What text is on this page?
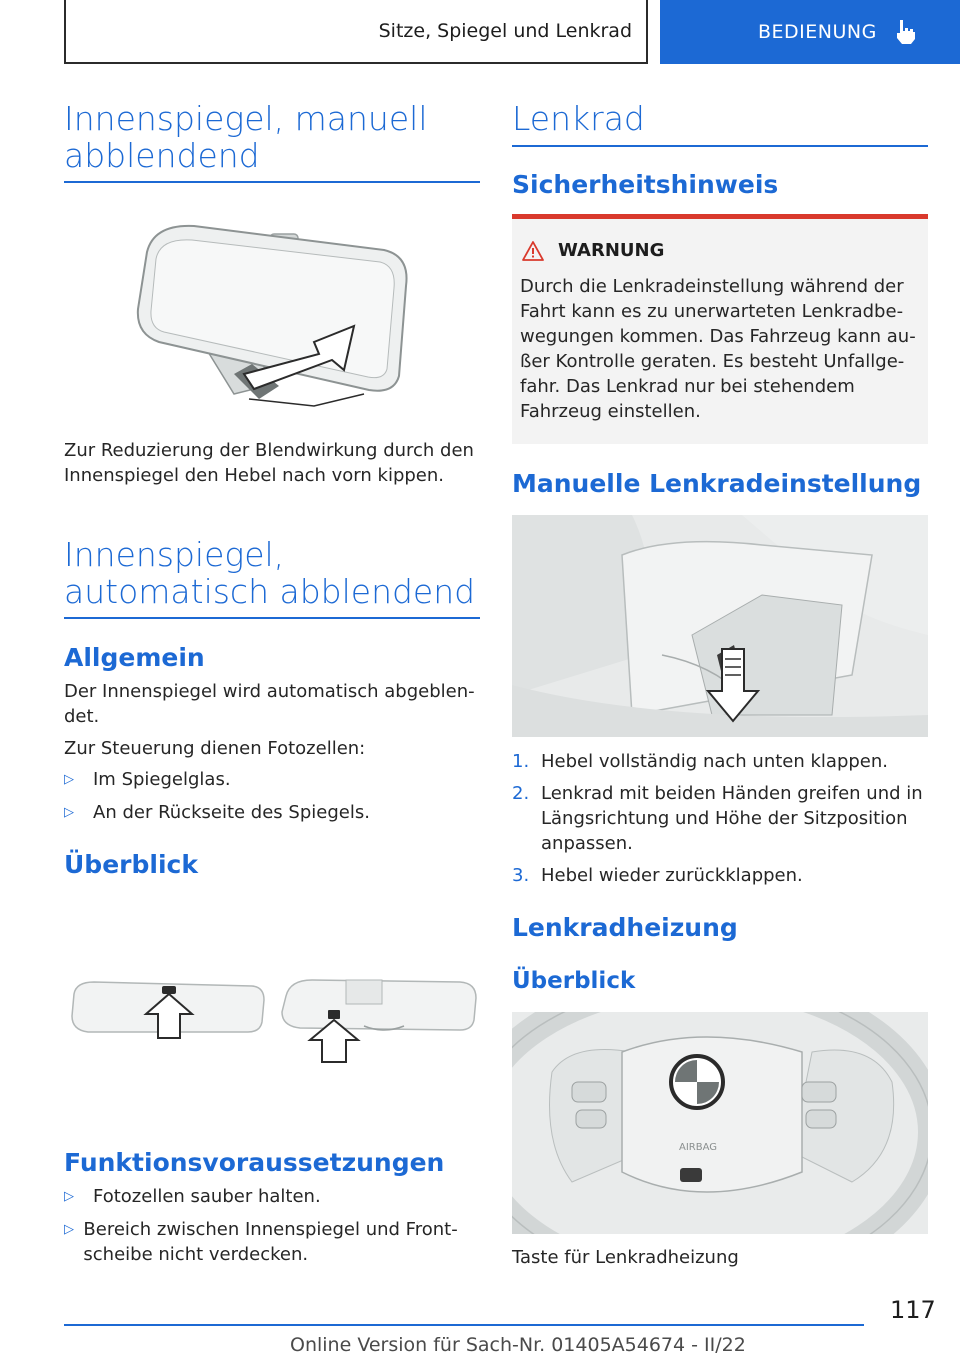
Sitze, Spiegel und Lenkrad	BEDIENUNG
Innenspiegel, manuell abblendend

Zur Reduzierung der Blendwirkung durch den Innenspiegel den Hebel nach vorn kippen.

Innenspiegel, automatisch abblendend
Allgemein

Der Innenspiegel wird automatisch abgeblendet.

Zur Steuerung dienen Fotozellen:

▷	Im Spiegelglas.
▷	An der Rückseite des Spiegels.
Überblick
Funktionsvoraussetzungen
▷	Fotozellen sauber halten.
▷ Bereich zwischen Innenspiegel und Frontscheibe nicht verdecken.
Lenkrad
Sicherheitshinweis
WARNUNG

Durch die Lenkradeinstellung während der Fahrt kann es zu unerwarteten Lenkradbewegungen kommen. Das Fahrzeug kann außer Kontrolle geraten. Es besteht Unfallgefahr. Das Lenkrad nur bei stehendem Fahrzeug einstellen.

Manuelle Lenkradeinstellung
1. Hebel vollständig nach unten klappen.
2. Lenkrad mit beiden Händen greifen und in Längsrichtung und Höhe der Sitzposition anpassen.
3. Hebel wieder zurückklappen.
Lenkradheizung
Überblick
AIRBAG

Taste für Lenkradheizung

117
Online Version für Sach-Nr. 01405A54674 - II/22
